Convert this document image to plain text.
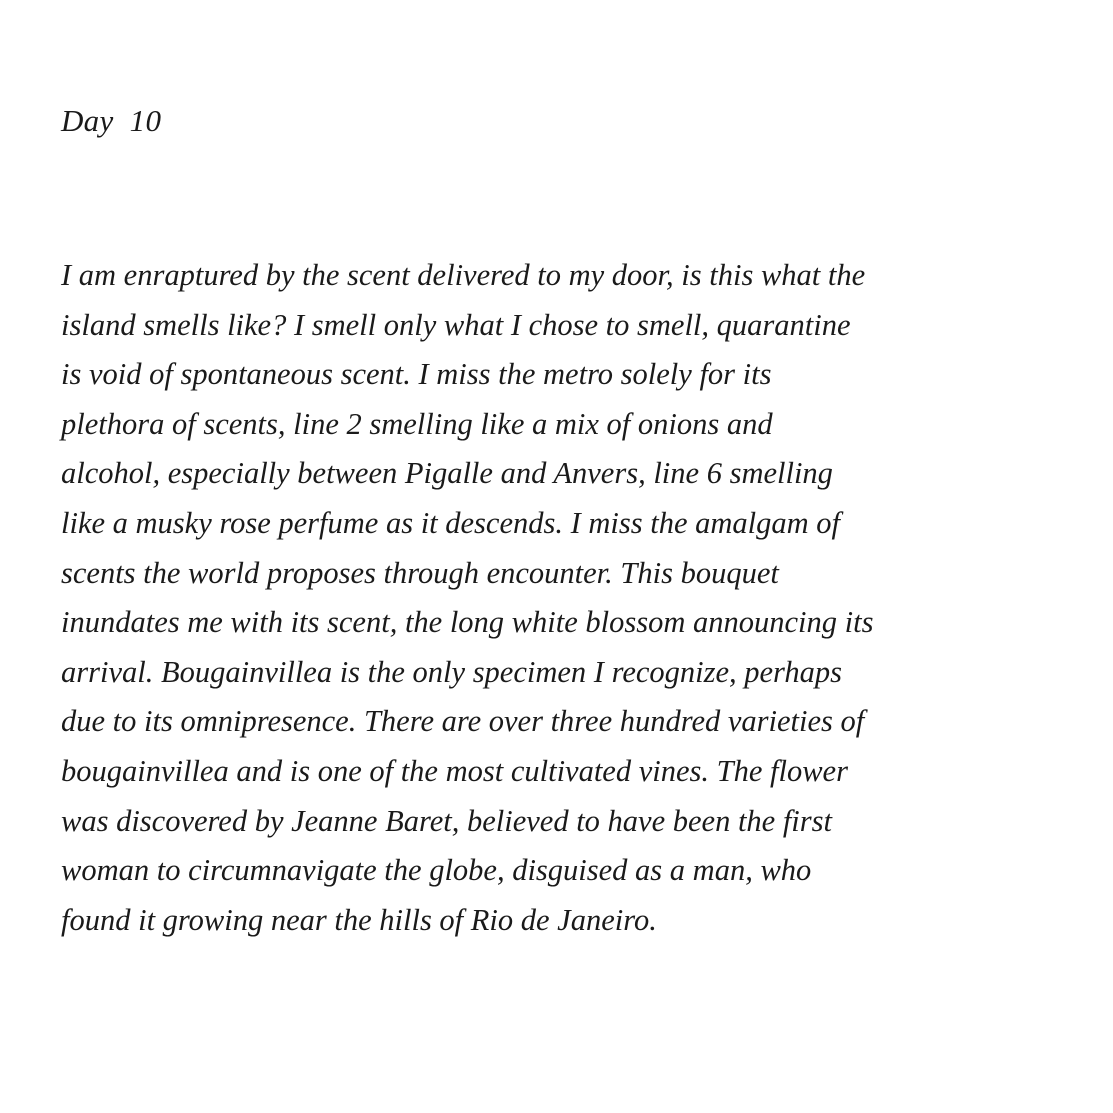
Day  10

I am enraptured by the scent delivered to my door, is this what the
island smells like? I smell only what I chose to smell, quarantine
is void of spontaneous scent. I miss the metro solely for its
plethora of scents, line 2 smelling like a mix of onions and
alcohol, especially between Pigalle and Anvers, line 6 smelling
like a musky rose perfume as it descends. I miss the amalgam of
scents the world proposes through encounter. This bouquet
inundates me with its scent, the long white blossom announcing its
arrival. Bougainvillea is the only specimen I recognize, perhaps
due to its omnipresence. There are over three hundred varieties of
bougainvillea and is one of the most cultivated vines. The flower
was discovered by Jeanne Baret, believed to have been the first
woman to circumnavigate the globe, disguised as a man, who
found it growing near the hills of Rio de Janeiro.
